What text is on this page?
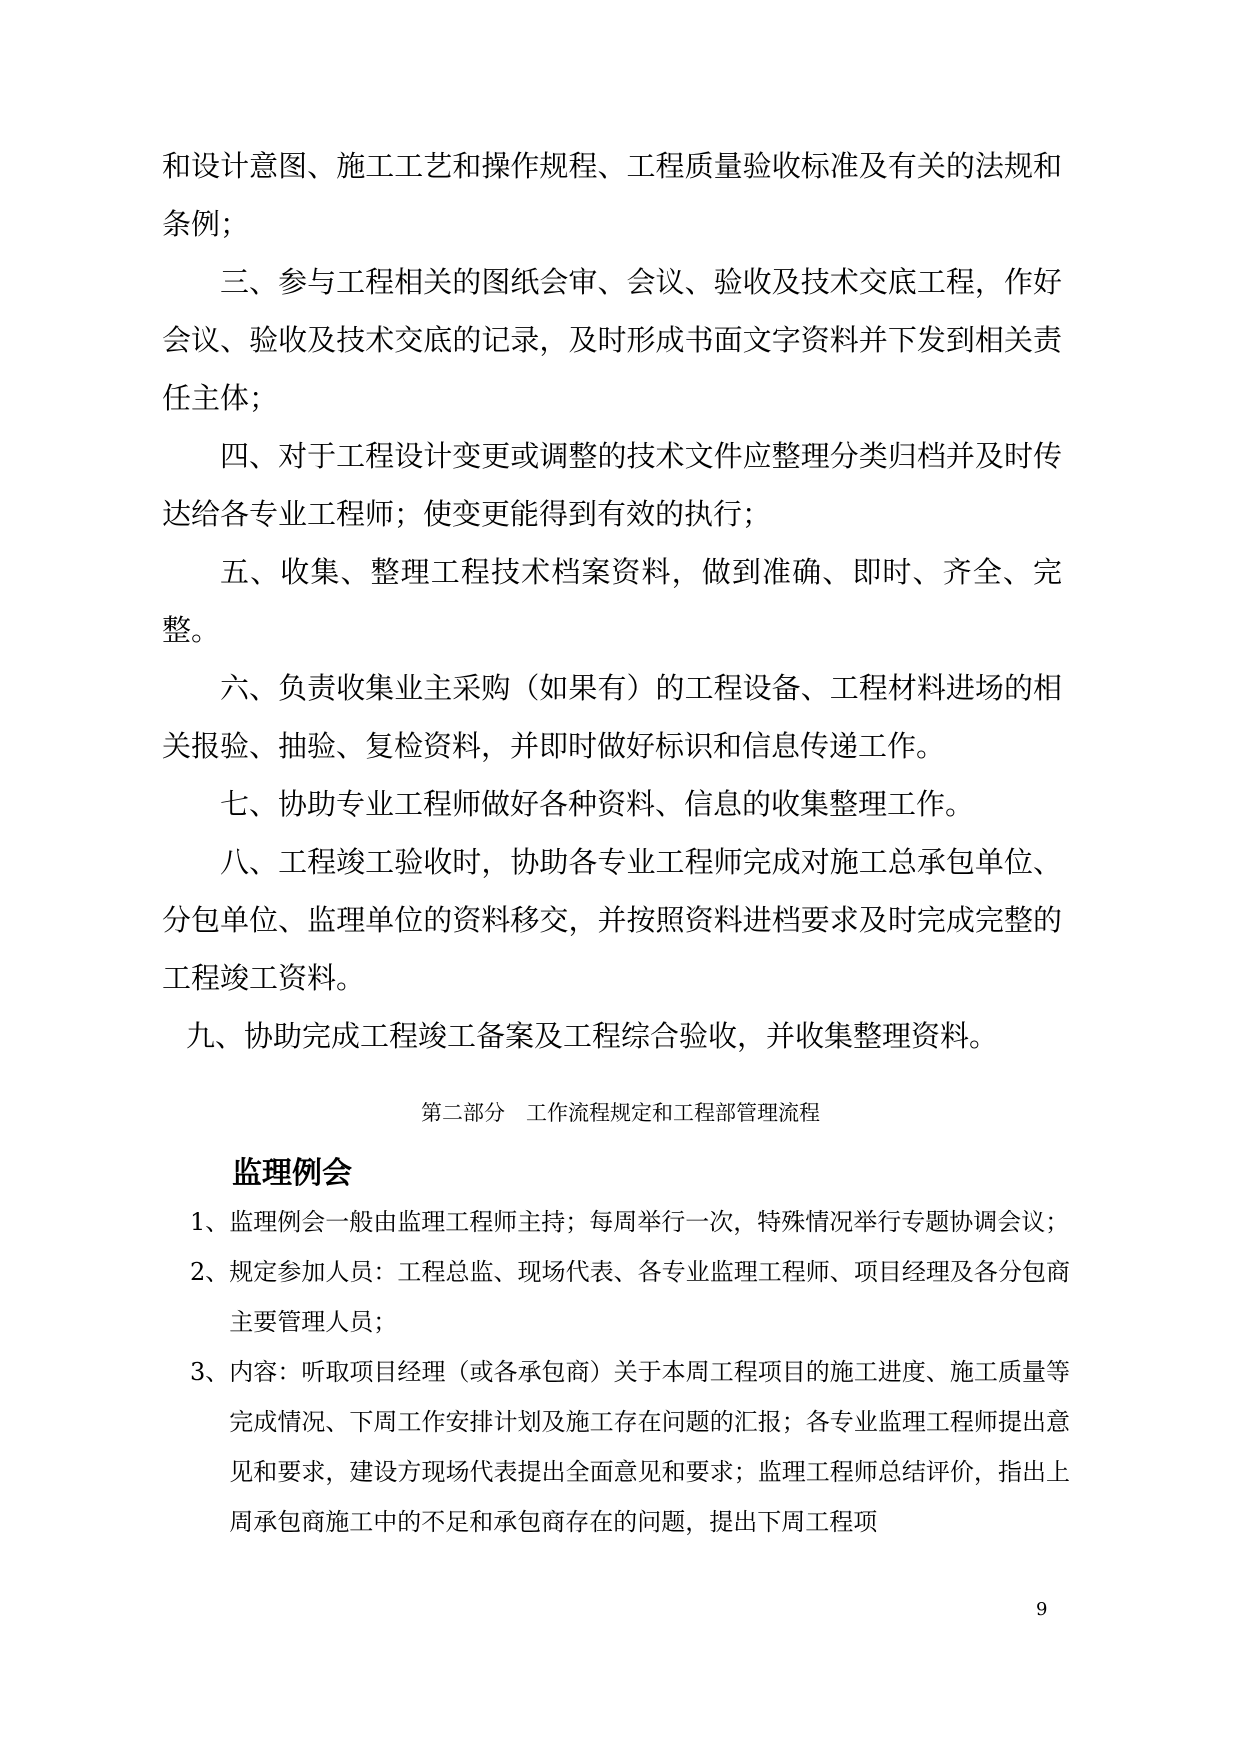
和设计意图、施工工艺和操作规程、工程质量验收标准及有关的法规和条例；

三、参与工程相关的图纸会审、会议、验收及技术交底工程，作好会议、验收及技术交底的记录，及时形成书面文字资料并下发到相关责任主体；

四、对于工程设计变更或调整的技术文件应整理分类归档并及时传达给各专业工程师；使变更能得到有效的执行；

五、收集、整理工程技术档案资料，做到准确、即时、齐全、完整。

六、负责收集业主采购（如果有）的工程设备、工程材料进场的相关报验、抽验、复检资料，并即时做好标识和信息传递工作。

七、协助专业工程师做好各种资料、信息的收集整理工作。

八、工程竣工验收时，协助各专业工程师完成对施工总承包单位、分包单位、监理单位的资料移交，并按照资料进档要求及时完成完整的工程竣工资料。

九、协助完成工程竣工备案及工程综合验收，并收集整理资料。

第二部分　工作流程规定和工程部管理流程
监理例会
1、 监理例会一般由监理工程师主持；每周举行一次，特殊情况举行专题协调会议；
2、 规定参加人员：工程总监、现场代表、各专业监理工程师、项目经理及各分包商主要管理人员；
3、 内容：听取项目经理（或各承包商）关于本周工程项目的施工进度、施工质量等完成情况、下周工作安排计划及施工存在问题的汇报；各专业监理工程师提出意见和要求，建设方现场代表提出全面意见和要求；监理工程师总结评价，指出上周承包商施工中的不足和承包商存在的问题，提出下周工程项
9
